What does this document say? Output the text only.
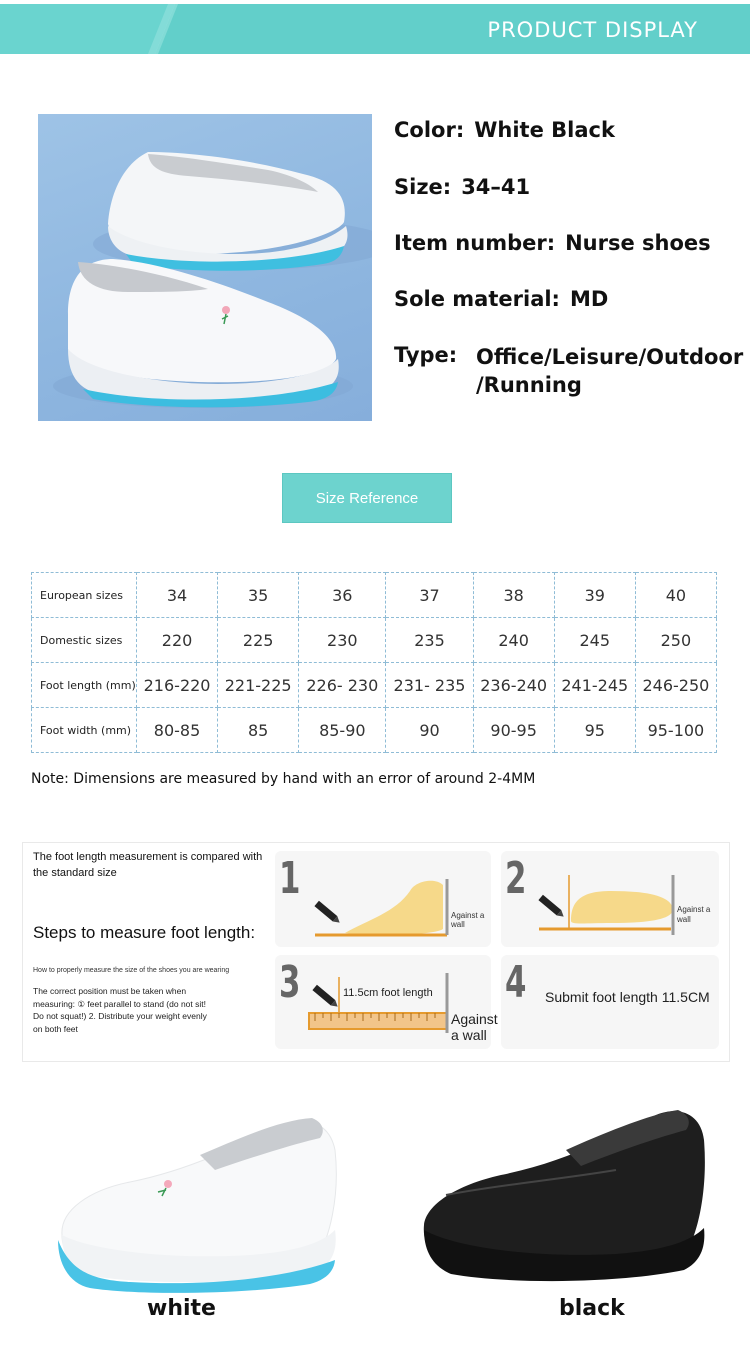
PRODUCT DISPLAY
Color: White Black
Size: 34–41
Item number: Nurse shoes
Sole material: MD
Type: Office/Leisure/Outdoor /Running
Size Reference
European sizes	34	35	36	37	38	39	40
Domestic sizes	220	225	230	235	240	245	250
Foot length (mm)	216-220	221-225	226- 230	231- 235	236-240	241-245	246-250
Foot width (mm)	80-85	85	85-90	90	90-95	95	95-100
Note: Dimensions are measured by hand with an error of around 2-4MM
The foot length measurement is compared with the standard size
Steps to measure foot length:
How to properly measure the size of the shoes you are wearing
The correct position must be taken when measuring: ① feet parallel to stand (do not sit! Do not squat!) 2. Distribute your weight evenly on both feet
1
Against a wall
2
Against a wall
3	11.5cm foot length
Against a wall
4 Submit foot length 11.5CM
white	black
